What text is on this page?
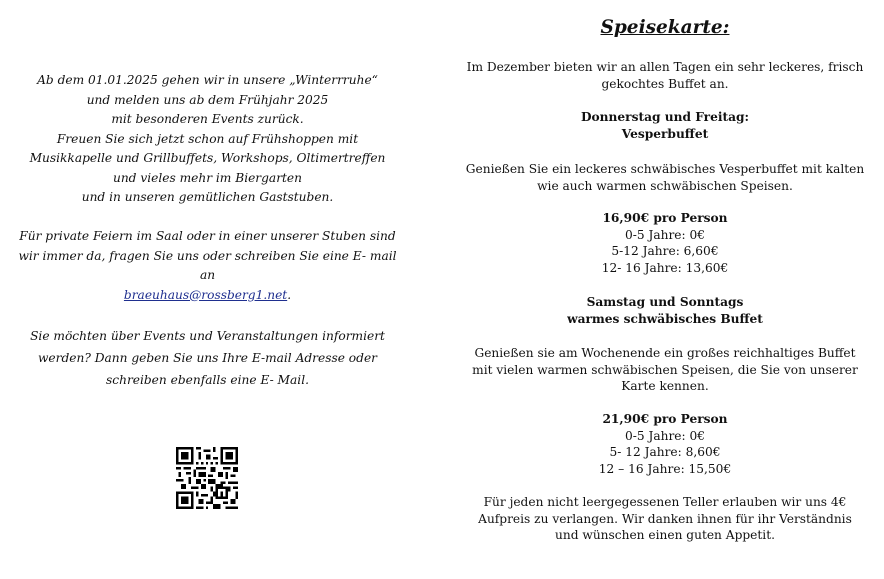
Ab dem 01.01.2025 gehen wir in unsere „Winterrruhe“
und melden uns ab dem Frühjahr 2025
mit besonderen Events zurück.
Freuen Sie sich jetzt schon auf Frühshoppen mit
Musikkapelle und Grillbuffets, Workshops, Oltimertreffen
und vieles mehr im Biergarten
und in unseren gemütlichen Gaststuben.
Für private Feiern im Saal oder in einer unserer Stuben sind
wir immer da, fragen Sie uns oder schreiben Sie eine E- mail
an
braeuhaus@rossberg1.net.
Sie möchten über Events und Veranstaltungen informiert
werden? Dann geben Sie uns Ihre E-mail Adresse oder
schreiben ebenfalls eine E- Mail.
Speisekarte:
Im Dezember bieten wir an allen Tagen ein sehr leckeres, frisch
gekochtes Buffet an.
Donnerstag und Freitag:
Vesperbuffet
Genießen Sie ein leckeres schwäbisches Vesperbuffet mit kalten
wie auch warmen schwäbischen Speisen.
16,90€ pro Person
0-5 Jahre: 0€
5-12 Jahre: 6,60€
12- 16 Jahre: 13,60€
Samstag und Sonntags
warmes schwäbisches Buffet
Genießen sie am Wochenende ein großes reichhaltiges Buffet
mit vielen warmen schwäbischen Speisen, die Sie von unserer
Karte kennen.
21,90€ pro Person
0-5 Jahre: 0€
5- 12 Jahre: 8,60€
12 – 16 Jahre: 15,50€
Für jeden nicht leergegessenen Teller erlauben wir uns 4€
Aufpreis zu verlangen. Wir danken ihnen für ihr Verständnis
und wünschen einen guten Appetit.
